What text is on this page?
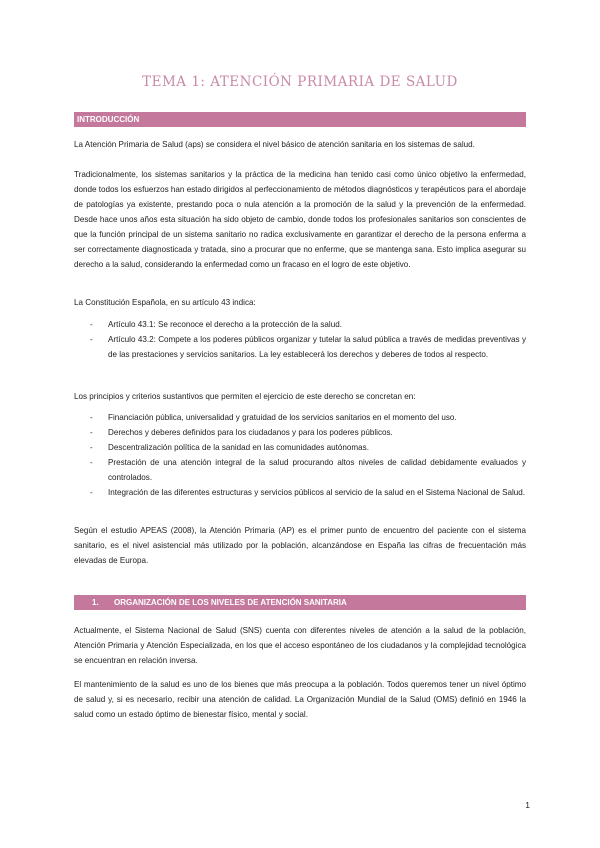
TEMA 1: ATENCIÓN PRIMARIA DE SALUD
INTRODUCCIÓN

La Atención Primaria de Salud (aps) se considera el nivel básico de atención sanitaria en los sistemas de salud.

Tradicionalmente, los sistemas sanitarios y la práctica de la medicina han tenido casi como único objetivo la enfermedad, donde todos los esfuerzos han estado dirigidos al perfeccionamiento de métodos diagnósticos y terapéuticos para el abordaje de patologías ya existente, prestando poca o nula atención a la promoción de la salud y la prevención de la enfermedad. Desde hace unos años esta situación ha sido objeto de cambio, donde todos los profesionales sanitarios son conscientes de que la función principal de un sistema sanitario no radica exclusivamente en garantizar el derecho de la persona enferma a ser correctamente diagnosticada y tratada, sino a procurar que no enferme, que se mantenga sana. Esto implica asegurar su derecho a la salud, considerando la enfermedad como un fracaso en el logro de este objetivo.

La Constitución Española, en su artículo 43 indica:

- Artículo 43.1: Se reconoce el derecho a la protección de la salud.
- Artículo 43.2: Compete a los poderes públicos organizar y tutelar la salud pública a través de medidas preventivas y de las prestaciones y servicios sanitarios. La ley establecerá los derechos y deberes de todos al respecto.

Los principios y criterios sustantivos que permiten el ejercicio de este derecho se concretan en:

- Financiación pública, universalidad y gratuidad de los servicios sanitarios en el momento del uso.
- Derechos y deberes definidos para los ciudadanos y para los poderes públicos.
- Descentralización política de la sanidad en las comunidades autónomas.
- Prestación de una atención integral de la salud procurando altos niveles de calidad debidamente evaluados y controlados.
- Integración de las diferentes estructuras y servicios públicos al servicio de la salud en el Sistema Nacional de Salud.

Según el estudio APEAS (2008), la Atención Primaria (AP) es el primer punto de encuentro del paciente con el sistema sanitario, es el nivel asistencial más utilizado por la población, alcanzándose en España las cifras de frecuentación más elevadas de Europa.

1. ORGANIZACIÓN DE LOS NIVELES DE ATENCIÓN SANITARIA

Actualmente, el Sistema Nacional de Salud (SNS) cuenta con diferentes niveles de atención a la salud de la población, Atención Primaria y Atención Especializada, en los que el acceso espontáneo de los ciudadanos y la complejidad tecnológica se encuentran en relación inversa.

El mantenimiento de la salud es uno de los bienes que más preocupa a la población. Todos queremos tener un nivel óptimo de salud y, si es necesario, recibir una atención de calidad. La Organización Mundial de la Salud (OMS) definió en 1946 la salud como un estado óptimo de bienestar físico, mental y social.

1
